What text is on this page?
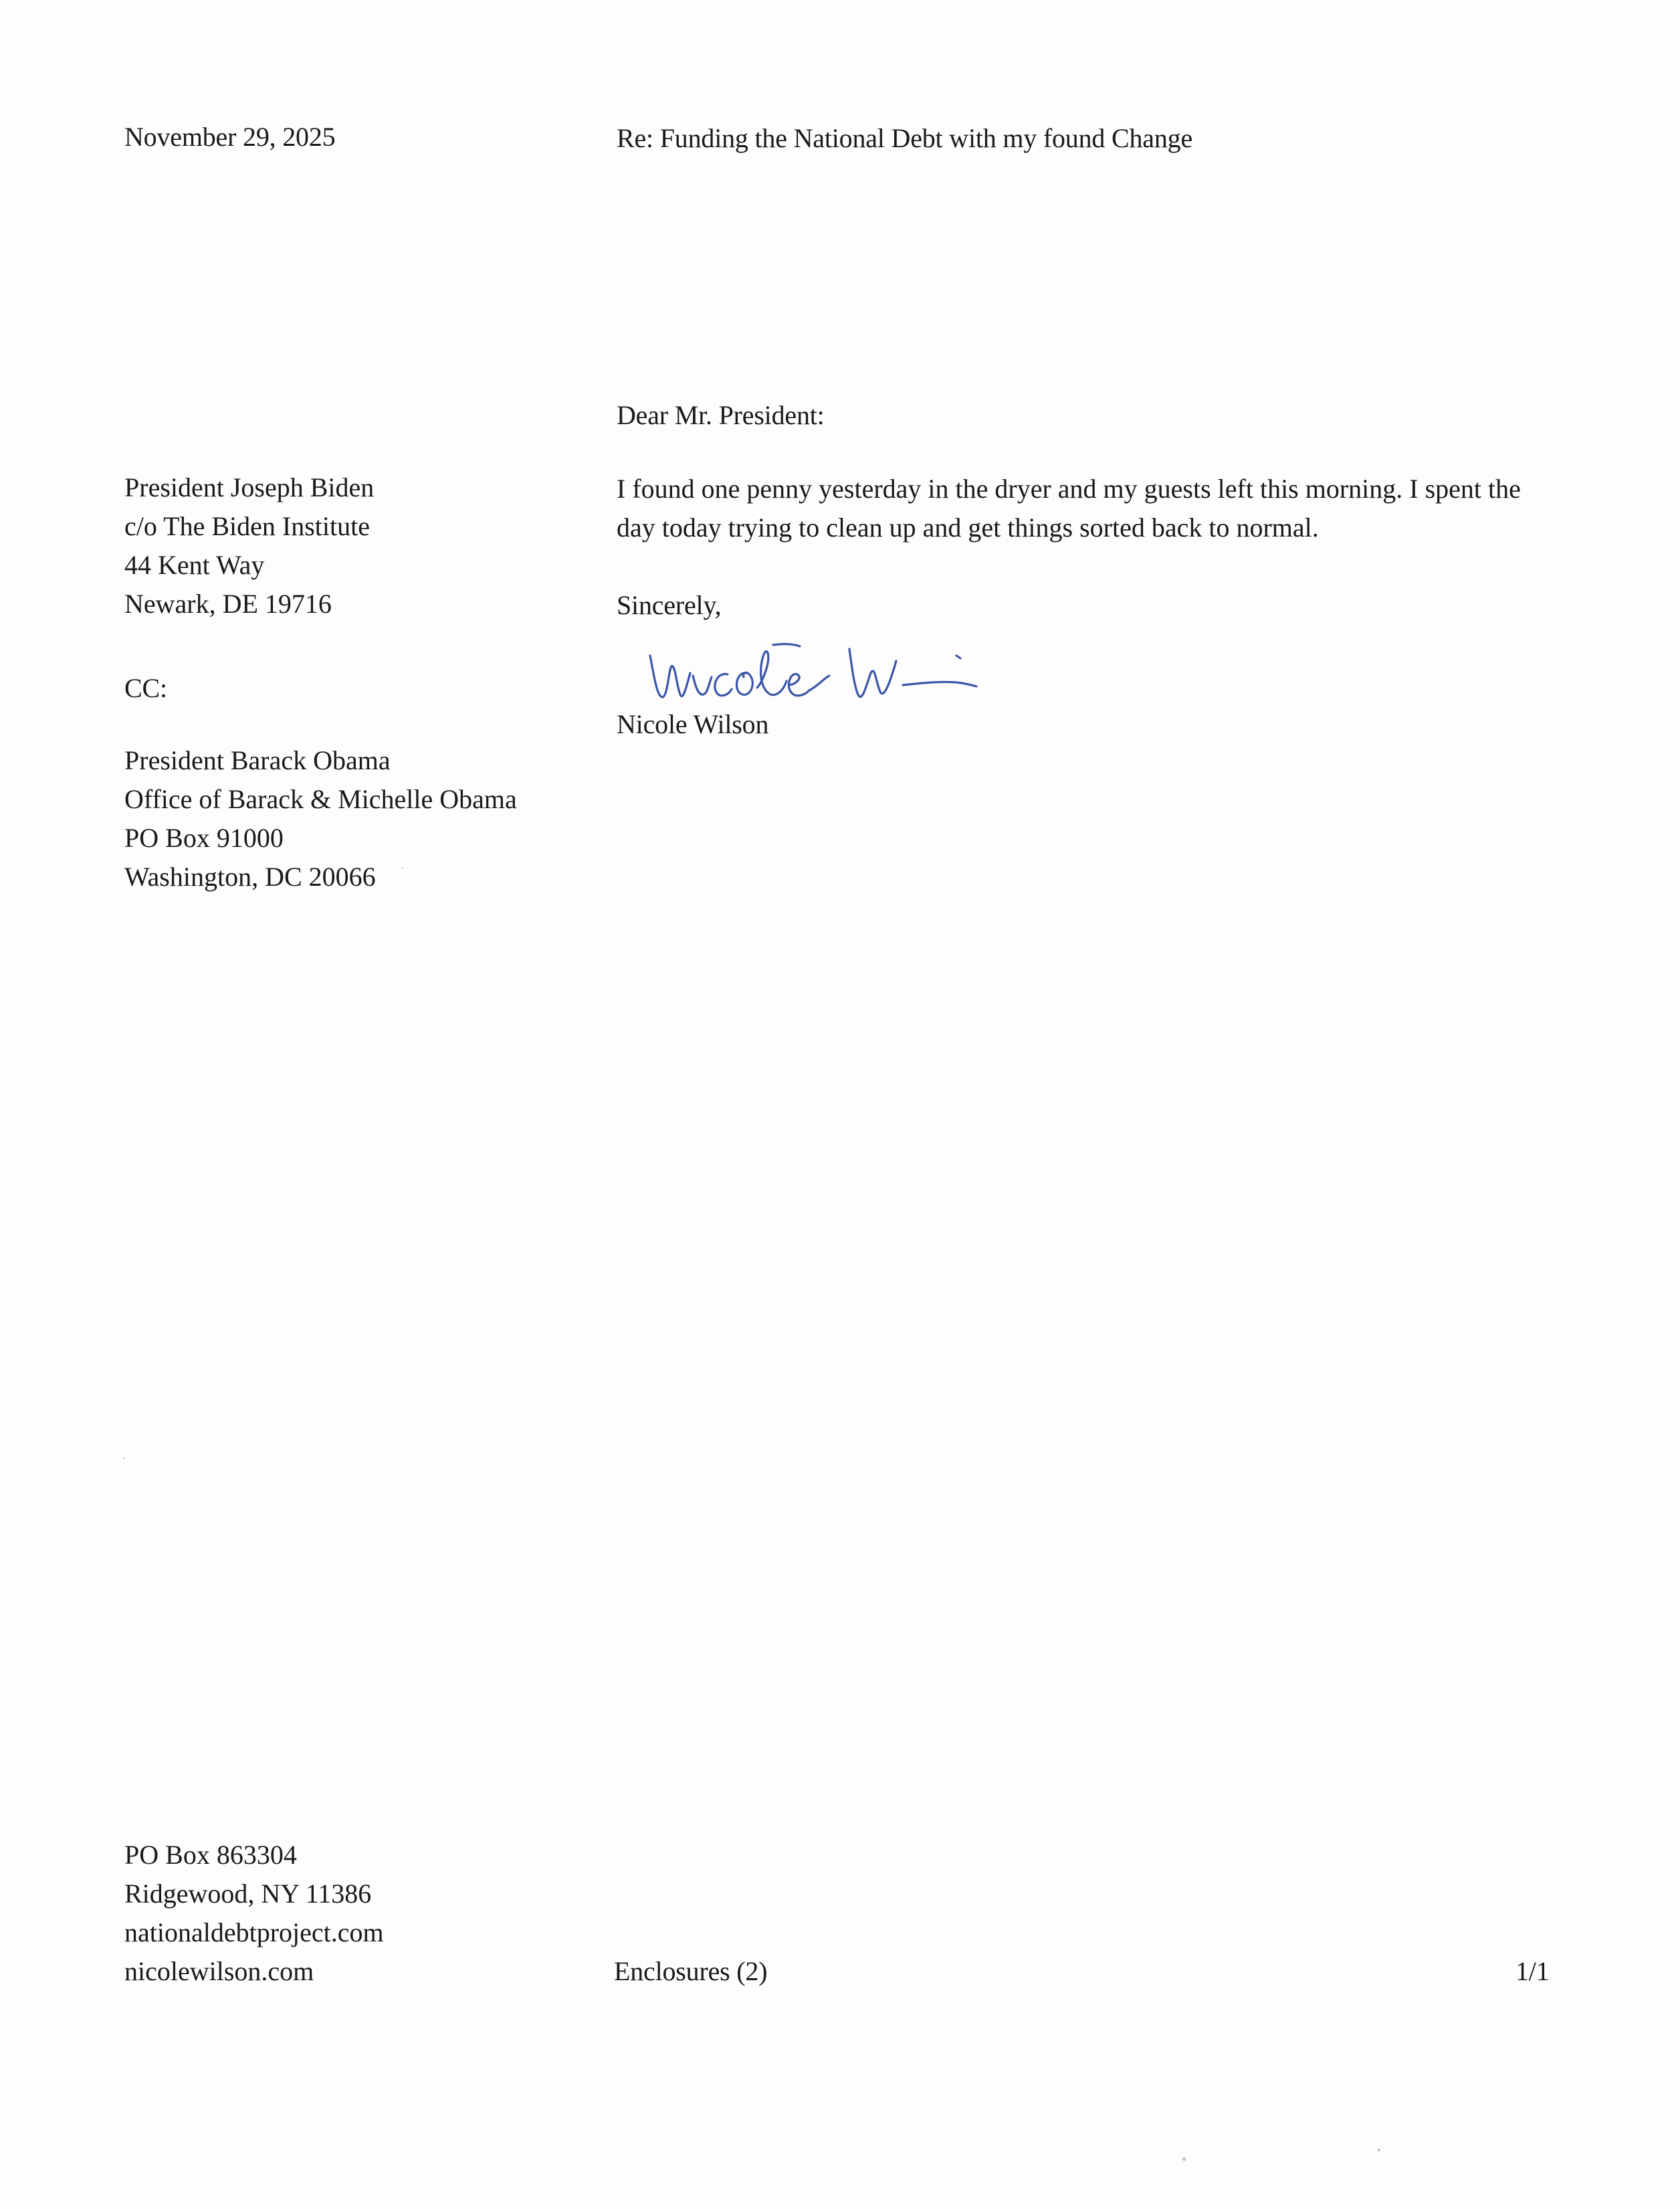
November 29, 2025	Re: Funding the National Debt with my found Change
President Joseph Biden
c/o The Biden Institute
44 Kent Way
Newark, DE 19716
CC:
President Barack Obama
Office of Barack & Michelle Obama
PO Box 91000
Washington, DC 20066
Dear Mr. President:
I found one penny yesterday in the dryer and my guests left this morning. I spent the
day today trying to clean up and get things sorted back to normal.
Sincerely,
Nicole Wilson
PO Box 863304
Ridgewood, NY 11386
nationaldebtproject.com
nicolewilson.com	Enclosures (2)	1/1
